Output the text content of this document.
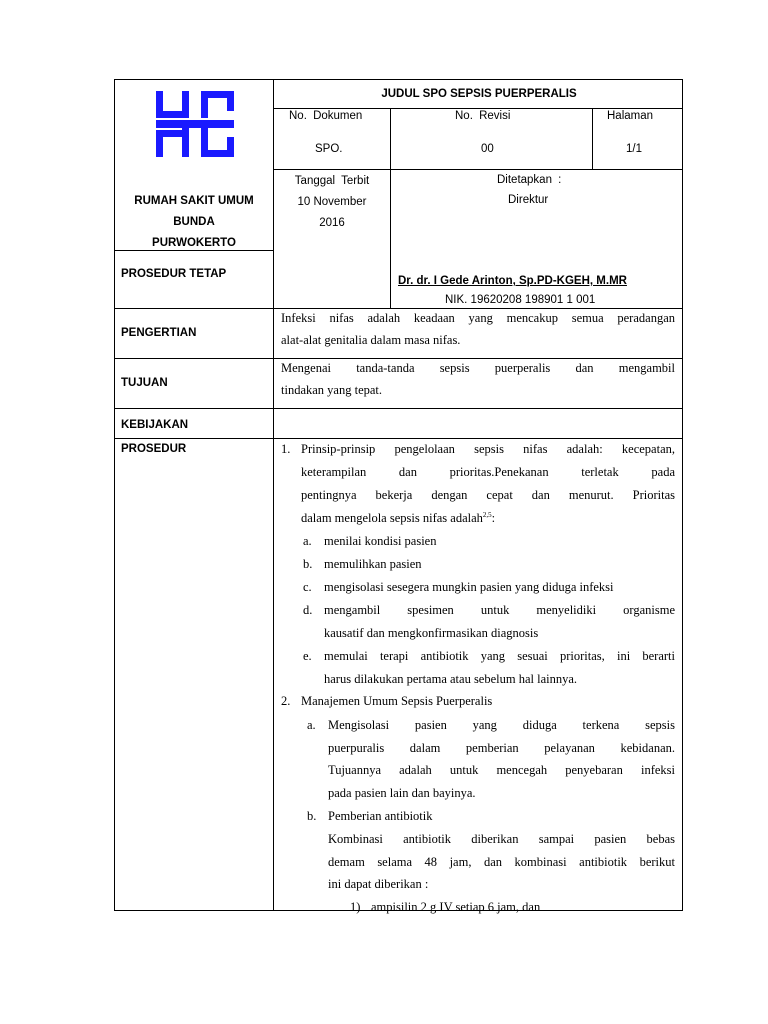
RUMAH SAKIT UMUM
BUNDA
PURWOKERTO
JUDUL SPO SEPSIS PUERPERALIS
No. Dokumen
SPO.
No. Revisi
00
Halaman
1/1
Tanggal Terbit
10 November
2016
Ditetapkan :
Direktur
Dr. dr. I Gede Arinton, Sp.PD-KGEH, M.MR
NIK. 19620208 198901 1 001
PROSEDUR TETAP
PENGERTIAN
TUJUAN
KEBIJAKAN
PROSEDUR
Infeksi nifas adalah keadaan yang mencakup semua peradangan
alat-alat genitalia dalam masa nifas.
Mengenai tanda-tanda sepsis puerperalis dan mengambil
tindakan yang tepat.
1. Prinsip-prinsip pengelolaan sepsis nifas adalah: kecepatan,
keterampilan dan prioritas.Penekanan terletak pada
pentingnya bekerja dengan cepat dan menurut. Prioritas
dalam mengelola sepsis nifas adalah$^{2,5}$:
a. menilai kondisi pasien
b. memulihkan pasien
c. mengisolasi sesegera mungkin pasien yang diduga infeksi
d. mengambil spesimen untuk menyelidiki organisme
kausatif dan mengkonfirmasikan diagnosis
e. memulai terapi antibiotik yang sesuai prioritas, ini berarti
harus dilakukan pertama atau sebelum hal lainnya.
2. Manajemen Umum Sepsis Puerperalis
a. Mengisolasi pasien yang diduga terkena sepsis
puerpuralis dalam pemberian pelayanan kebidanan.
Tujuannya adalah untuk mencegah penyebaran infeksi
pada pasien lain dan bayinya.
b. Pemberian antibiotik
Kombinasi antibiotik diberikan sampai pasien bebas
demam selama 48 jam, dan kombinasi antibiotik berikut
ini dapat diberikan :
1) ampisilin 2 g IV setiap 6 jam, dan
